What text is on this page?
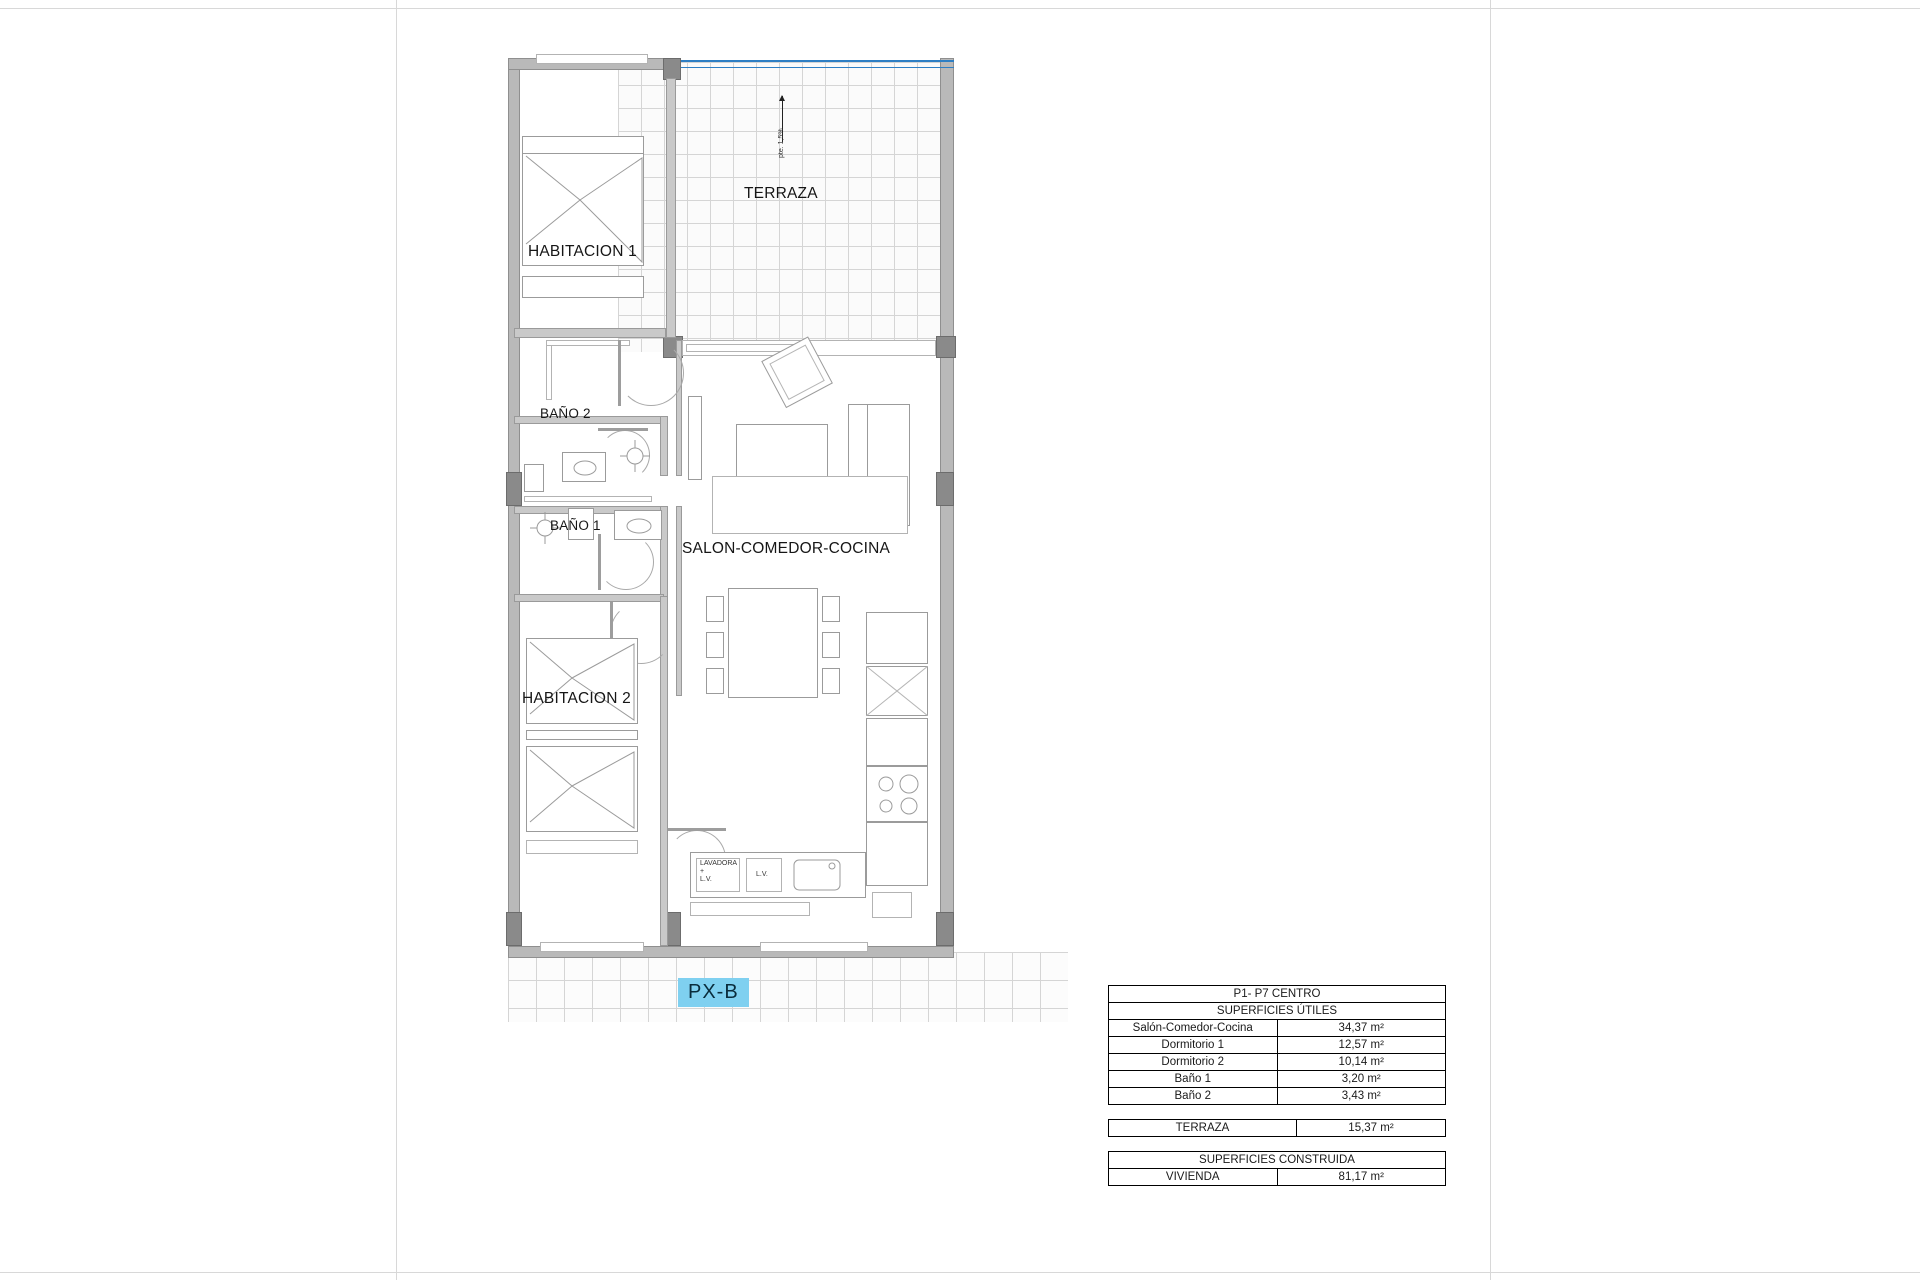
LAVADORA
+
L.V.
L.V.
pte. 1,5%
HABITACION 1
TERRAZA
BAÑO 2
BAÑO 1
SALON-COMEDOR-COCINA
HABITACION 2
PX-B	P1- P7 CENTRO	
SUPERFICIES ÚTILES	
Salón-Comedor-Cocina	34,37 m²
Dormitorio 1	12,57 m²
Dormitorio 2	10,14 m²
Baño 1	3,20 m²
Baño 2	3,43 m²
TERRAZA	15,37 m²
SUPERFICIES CONSTRUIDA
VIVIENDA	81,17 m²
